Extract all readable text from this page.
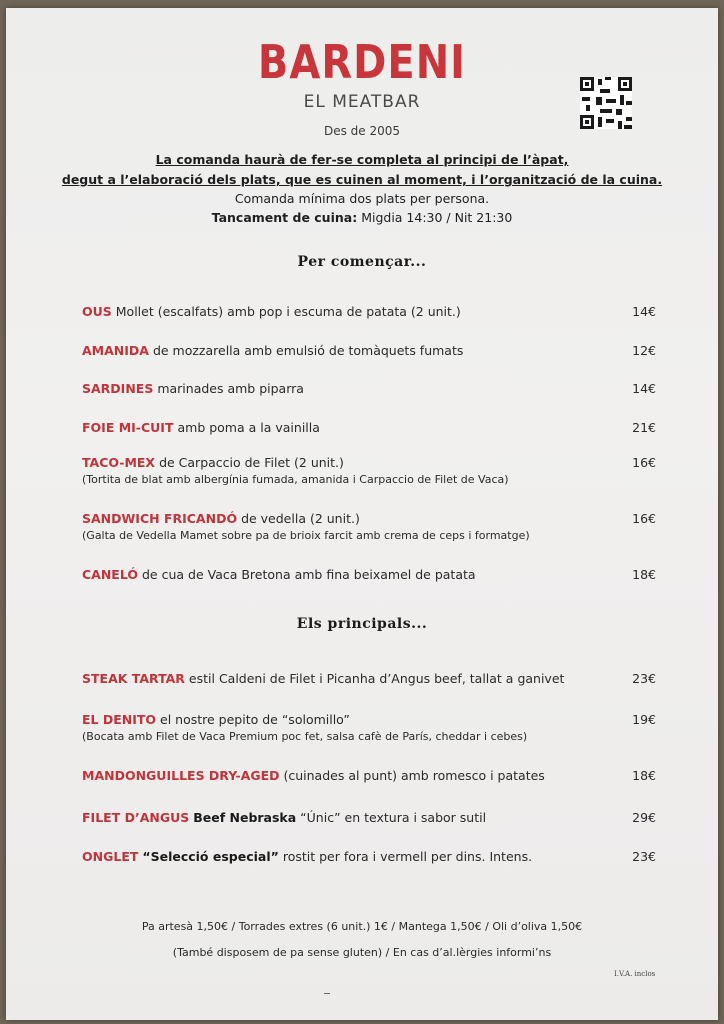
BARDENI
EL MEATBAR
Des de 2005
La comanda haurà de fer-se completa al principi de l’àpat,
degut a l’elaboració dels plats, que es cuinen al moment, i l’organització de la cuina.
Comanda mínima dos plats per persona.
Tancament de cuina: Migdia 14:30 / Nit 21:30
Per començar...
OUS Mollet (escalfats) amb pop i escuma de patata (2 unit.)	14€
AMANIDA de mozzarella amb emulsió de tomàquets fumats	12€
SARDINES marinades amb piparra	14€
FOIE MI-CUIT amb poma a la vainilla	21€
TACO-MEX de Carpaccio de Filet (2 unit.)	16€
(Tortita de blat amb albergínia fumada, amanida i Carpaccio de Filet de Vaca)
SANDWICH FRICANDÓ de vedella (2 unit.)	16€
(Galta de Vedella Mamet sobre pa de brioix farcit amb crema de ceps i formatge)
CANELÓ de cua de Vaca Bretona amb fina beixamel de patata	18€
Els principals...
STEAK TARTAR estil Caldeni de Filet i Picanha d’Angus beef, tallat a ganivet	23€
EL DENITO el nostre pepito de “solomillo”	19€
(Bocata amb Filet de Vaca Premium poc fet, salsa cafè de París, cheddar i cebes)
MANDONGUILLES DRY-AGED (cuinades al punt) amb romesco i patates	18€
FILET D’ANGUS Beef Nebraska “Únic” en textura i sabor sutil	29€
ONGLET “Selecció especial” rostit per fora i vermell per dins. Intens.	23€
Pa artesà 1,50€ / Torrades extres (6 unit.) 1€ / Mantega 1,50€ / Oli d’oliva 1,50€
(També disposem de pa sense gluten) / En cas d’al.lèrgies informi’ns
I.V.A. inclos
